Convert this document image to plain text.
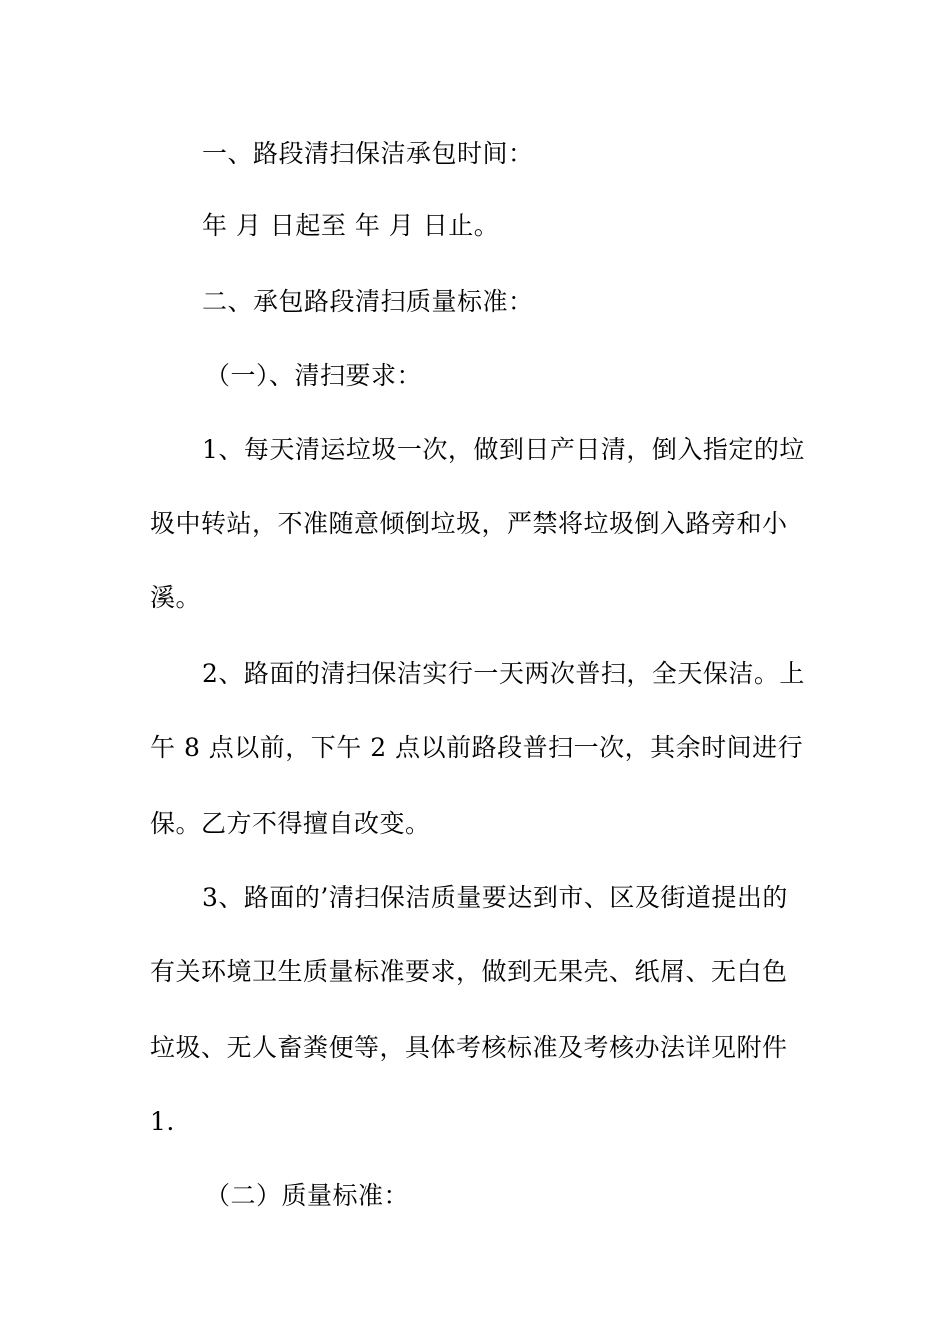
一、路段清扫保洁承包时间：
年 月 日起至 年 月 日止。
二、承包路段清扫质量标准：
（一）、清扫要求：
1、每天清运垃圾一次，做到日产日清，倒入指定的垃
圾中转站，不准随意倾倒垃圾，严禁将垃圾倒入路旁和小
溪。
2、路面的清扫保洁实行一天两次普扫，全天保洁。上
午 8 点以前，下午 2 点以前路段普扫一次，其余时间进行
保。乙方不得擅自改变。
3、路面的’清扫保洁质量要达到市、区及街道提出的
有关环境卫生质量标准要求，做到无果壳、纸屑、无白色
垃圾、无人畜粪便等，具体考核标准及考核办法详见附件
1.
（二）质量标准：
